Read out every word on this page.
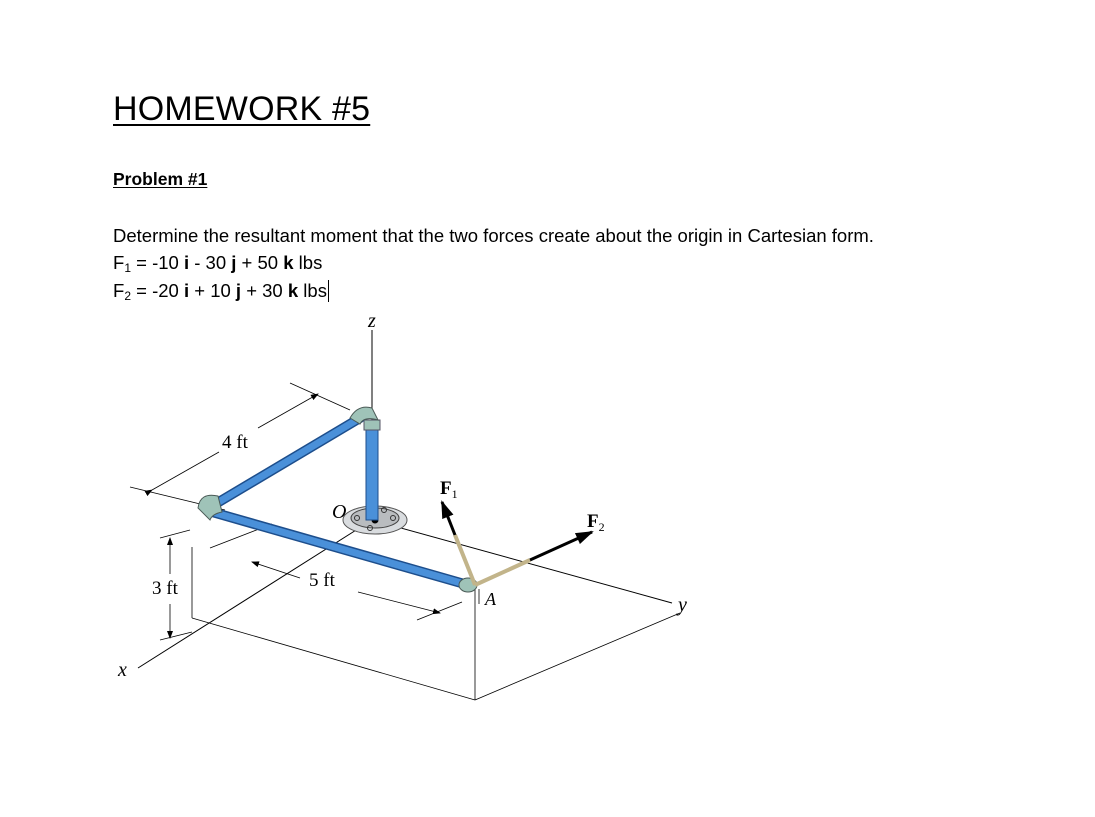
HOMEWORK #5
Problem #1

Determine the resultant moment that the two forces create about the origin in Cartesian form.

$F_1 = -10$ i - 30 j + 50 k lbs

$F_2 = -20$ i + 10 j + 30 k lbs

4 ft
5 ft
3 ft
z
x
y
O
A
$F_1$
$F_2$
